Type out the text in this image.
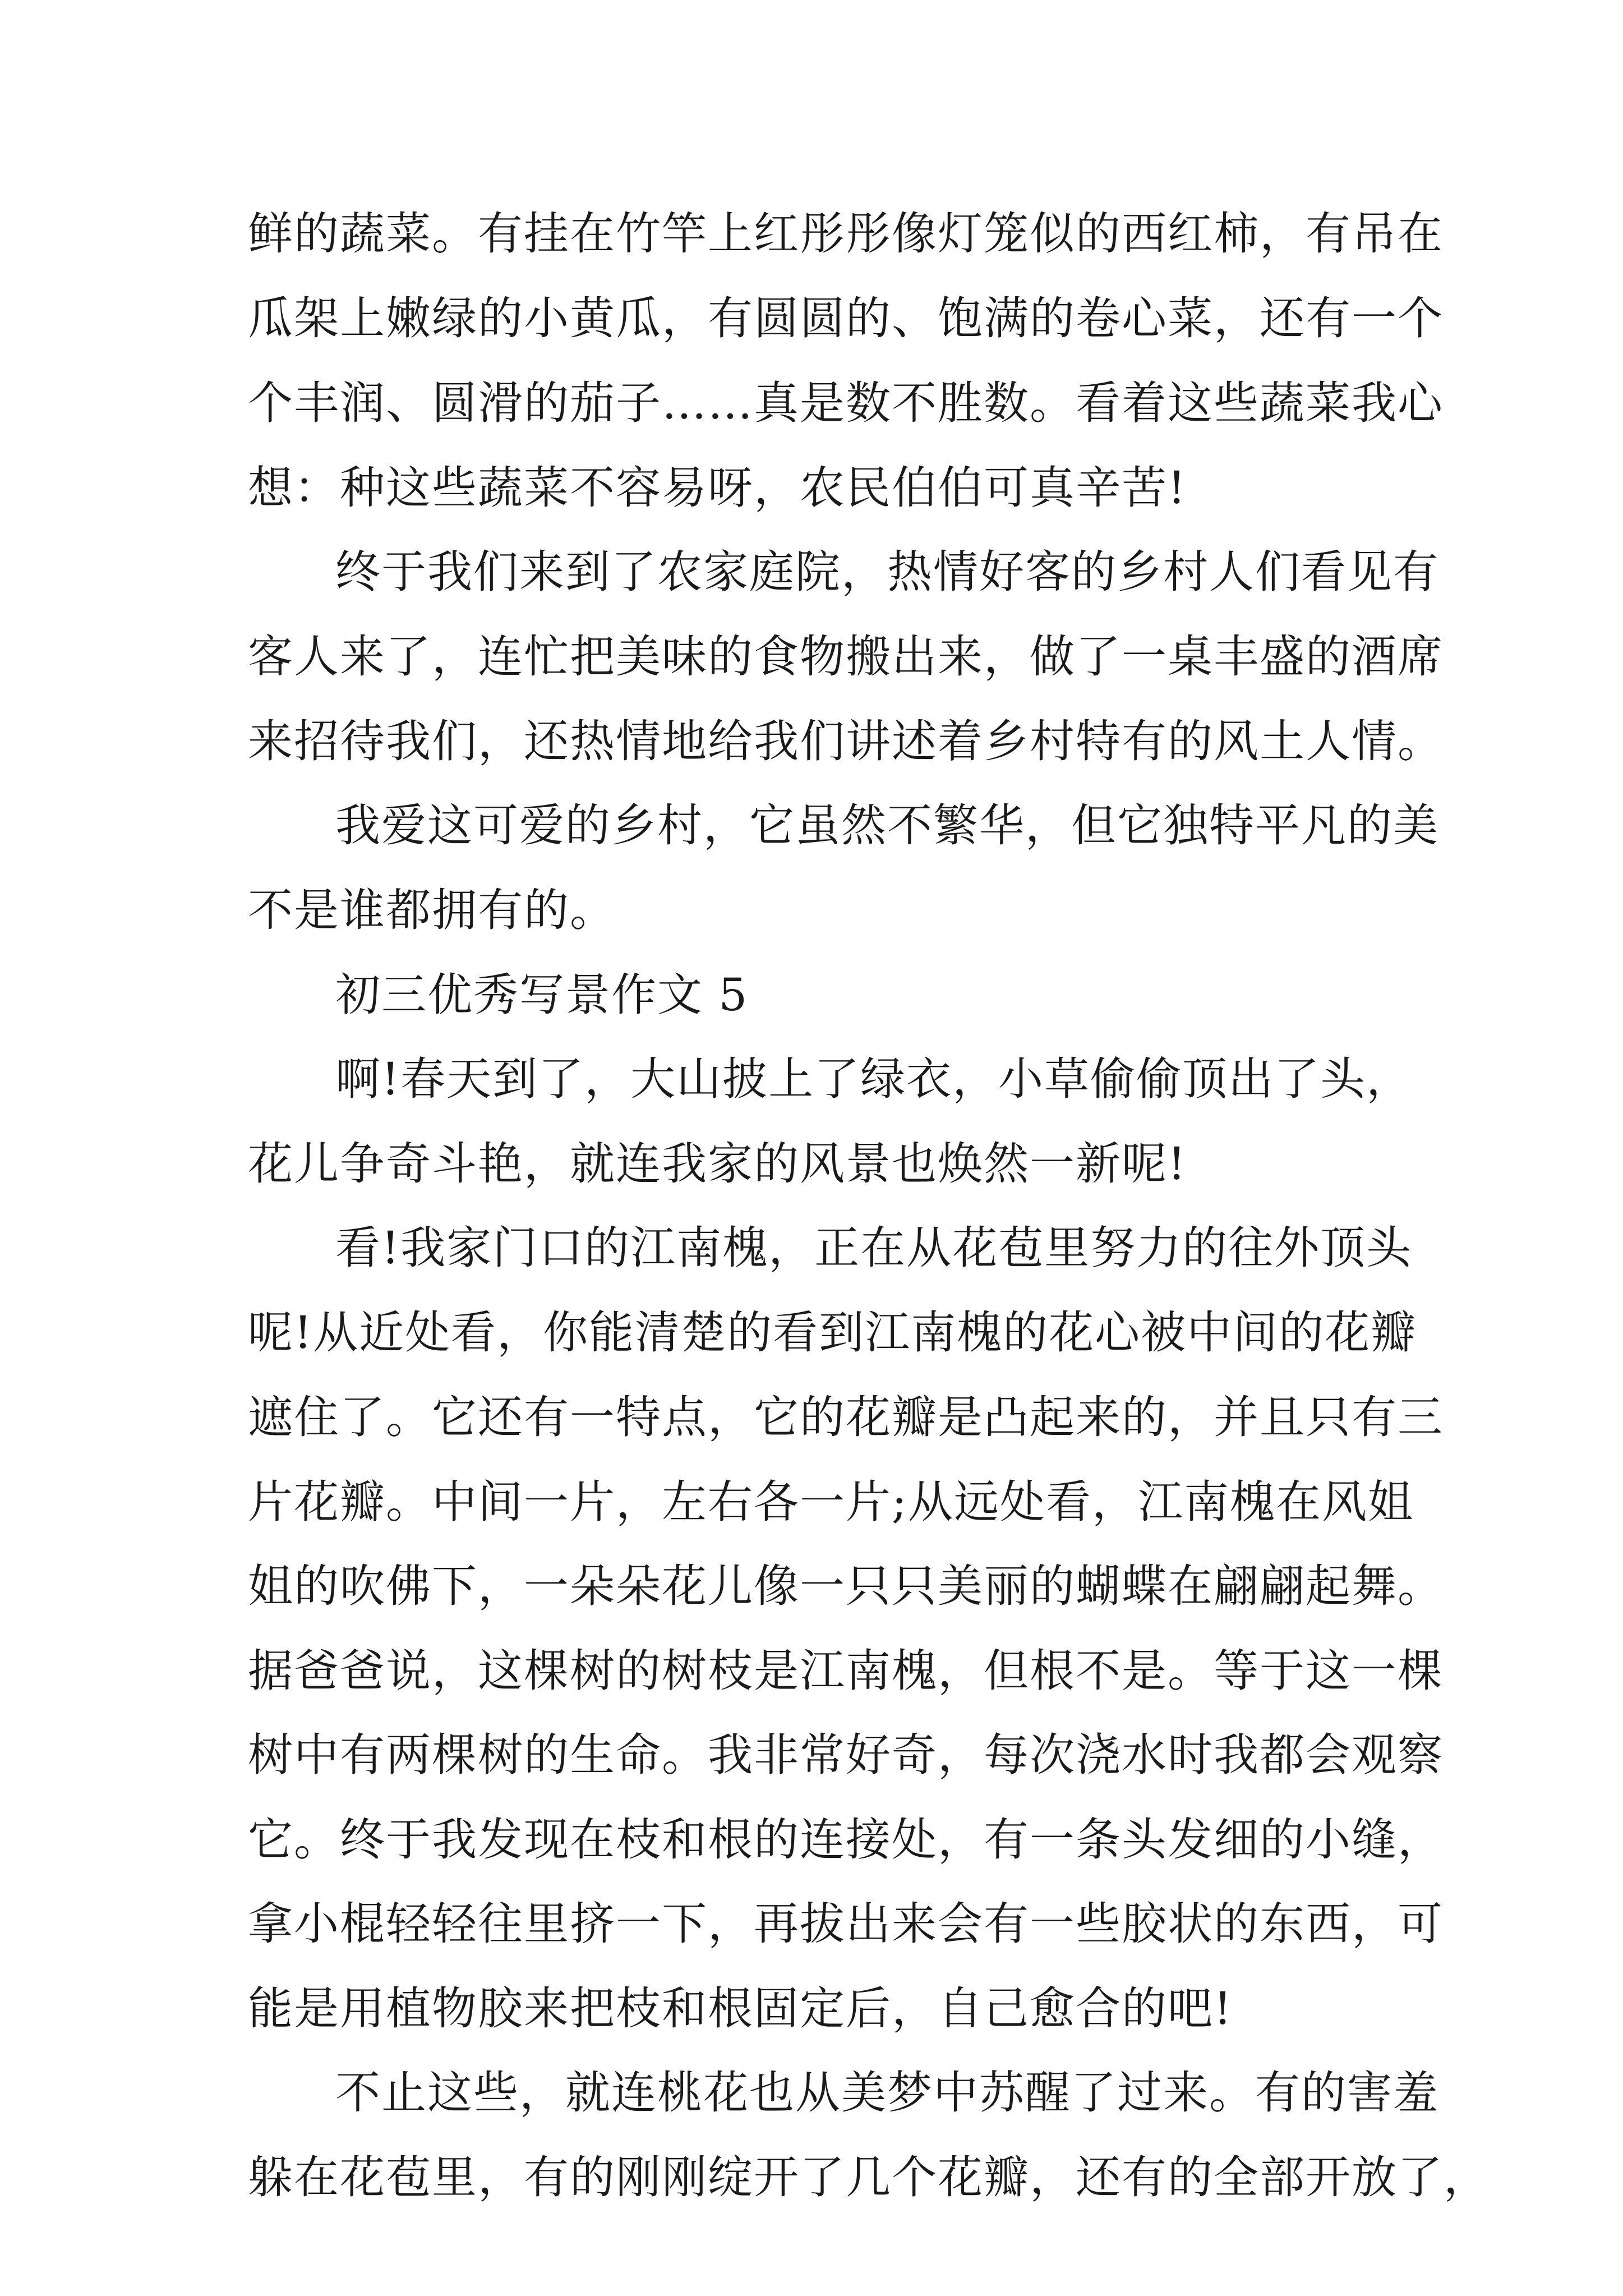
鲜的蔬菜。有挂在竹竿上红彤彤像灯笼似的西红柿，有吊在
瓜架上嫩绿的小黄瓜，有圆圆的、饱满的卷心菜，还有一个
个丰润、圆滑的茄子……真是数不胜数。看着这些蔬菜我心
想：种这些蔬菜不容易呀，农民伯伯可真辛苦!
终于我们来到了农家庭院，热情好客的乡村人们看见有
客人来了，连忙把美味的食物搬出来，做了一桌丰盛的酒席
来招待我们，还热情地给我们讲述着乡村特有的风土人情。
我爱这可爱的乡村，它虽然不繁华，但它独特平凡的美
不是谁都拥有的。
初三优秀写景作文 5
啊!春天到了，大山披上了绿衣，小草偷偷顶出了头，
花儿争奇斗艳，就连我家的风景也焕然一新呢!
看!我家门口的江南槐，正在从花苞里努力的往外顶头
呢!从近处看，你能清楚的看到江南槐的花心被中间的花瓣
遮住了。它还有一特点，它的花瓣是凸起来的，并且只有三
片花瓣。中间一片，左右各一片;从远处看，江南槐在风姐
姐的吹佛下，一朵朵花儿像一只只美丽的蝴蝶在翩翩起舞。
据爸爸说，这棵树的树枝是江南槐，但根不是。等于这一棵
树中有两棵树的生命。我非常好奇，每次浇水时我都会观察
它。终于我发现在枝和根的连接处，有一条头发细的小缝，
拿小棍轻轻往里挤一下，再拔出来会有一些胶状的东西，可
能是用植物胶来把枝和根固定后，自己愈合的吧!
不止这些，就连桃花也从美梦中苏醒了过来。有的害羞
躲在花苞里，有的刚刚绽开了几个花瓣，还有的全部开放了，
